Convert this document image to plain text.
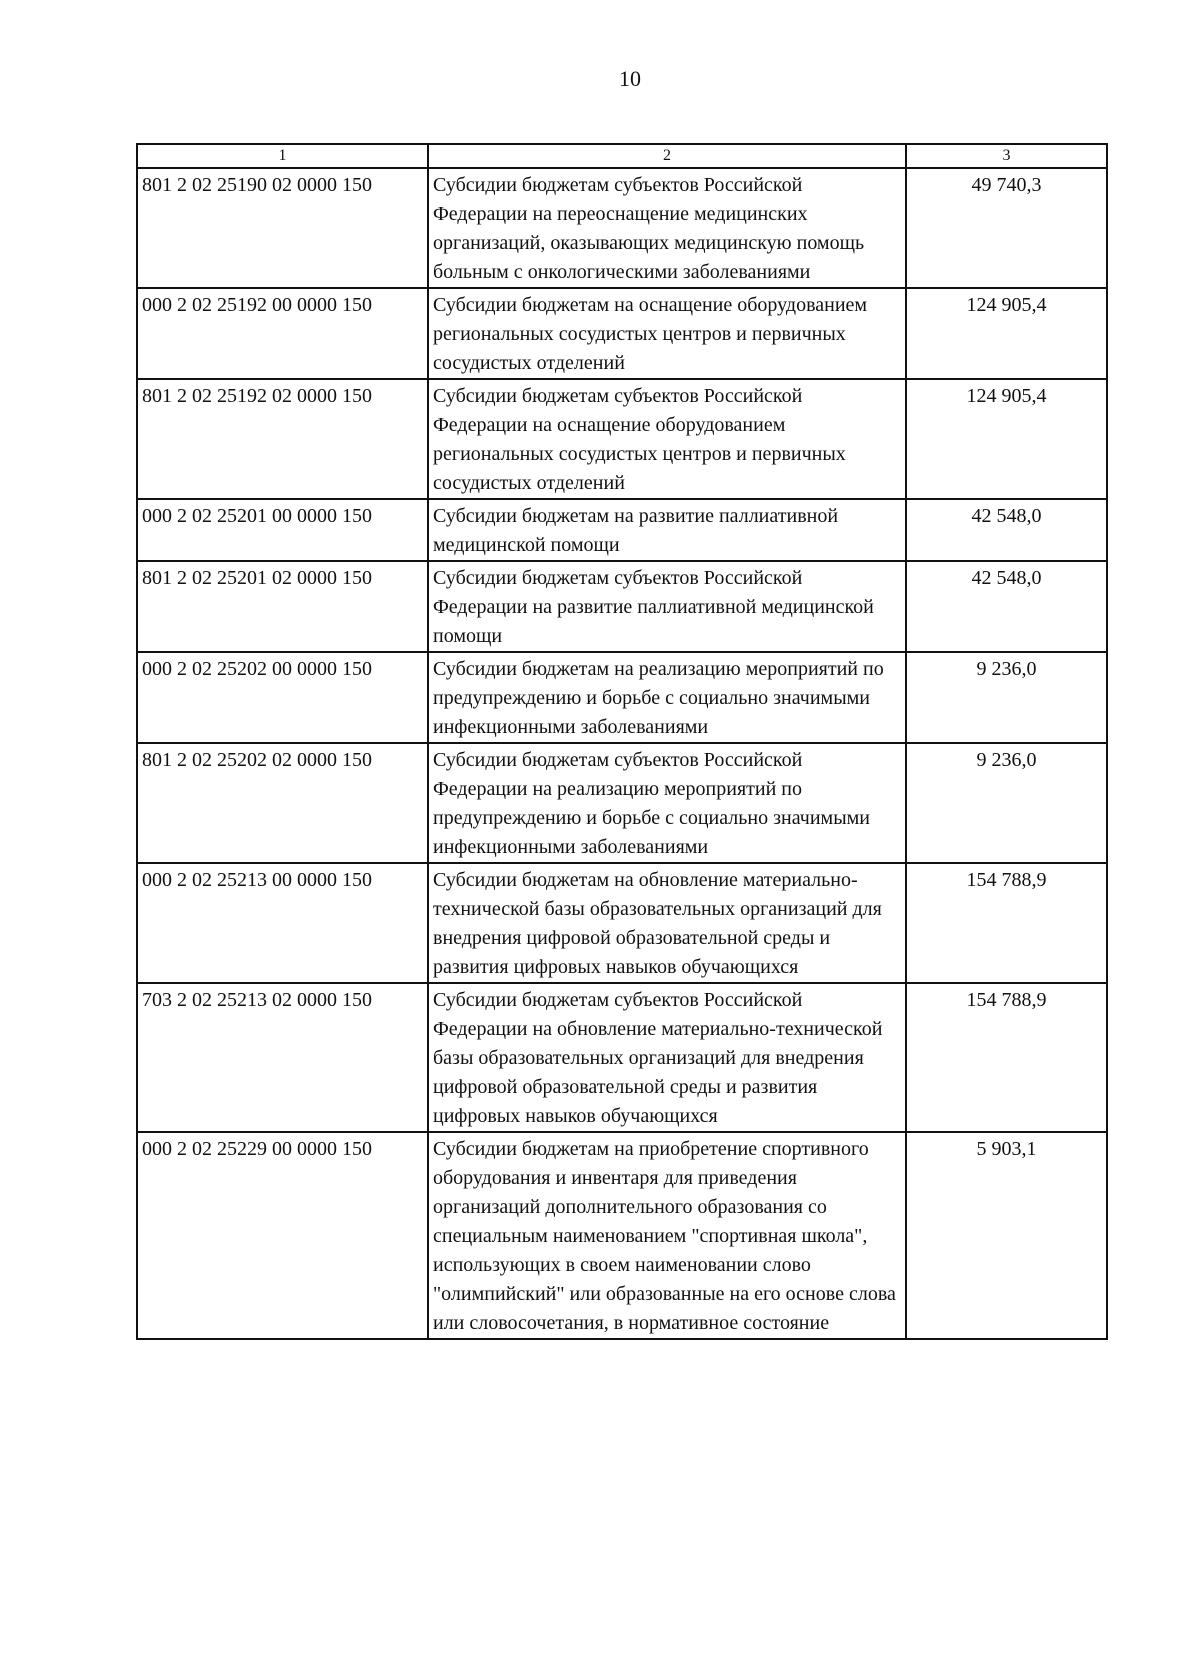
10
1	2	3
801 2 02 25190 02 0000 150	Субсидии бюджетам субъектов Российской Федерации на переоснащение медицинских организаций, оказывающих медицинскую помощь больным с онкологическими заболеваниями	49 740,3
000 2 02 25192 00 0000 150	Субсидии бюджетам на оснащение оборудованием региональных сосудистых центров и первичных сосудистых отделений	124 905,4
801 2 02 25192 02 0000 150	Субсидии бюджетам субъектов Российской Федерации на оснащение оборудованием региональных сосудистых центров и первичных сосудистых отделений	124 905,4
000 2 02 25201 00 0000 150	Субсидии бюджетам на развитие паллиативной медицинской помощи	42 548,0
801 2 02 25201 02 0000 150	Субсидии бюджетам субъектов Российской Федерации на развитие паллиативной медицинской помощи	42 548,0
000 2 02 25202 00 0000 150	Субсидии бюджетам на реализацию мероприятий по предупреждению и борьбе с социально значимыми инфекционными заболеваниями	9 236,0
801 2 02 25202 02 0000 150	Субсидии бюджетам субъектов Российской Федерации на реализацию мероприятий по предупреждению и борьбе с социально значимыми инфекционными заболеваниями	9 236,0
000 2 02 25213 00 0000 150	Субсидии бюджетам на обновление материально-технической базы образовательных организаций для внедрения цифровой образовательной среды и развития цифровых навыков обучающихся	154 788,9
703 2 02 25213 02 0000 150	Субсидии бюджетам субъектов Российской Федерации на обновление материально-технической базы образовательных организаций для внедрения цифровой образовательной среды и развития цифровых навыков обучающихся	154 788,9
000 2 02 25229 00 0000 150	Субсидии бюджетам на приобретение спортивного оборудования и инвентаря для приведения организаций дополнительного образования со специальным наименованием "спортивная школа", использующих в своем наименовании слово "олимпийский" или образованные на его основе слова или словосочетания, в нормативное состояние	5 903,1
